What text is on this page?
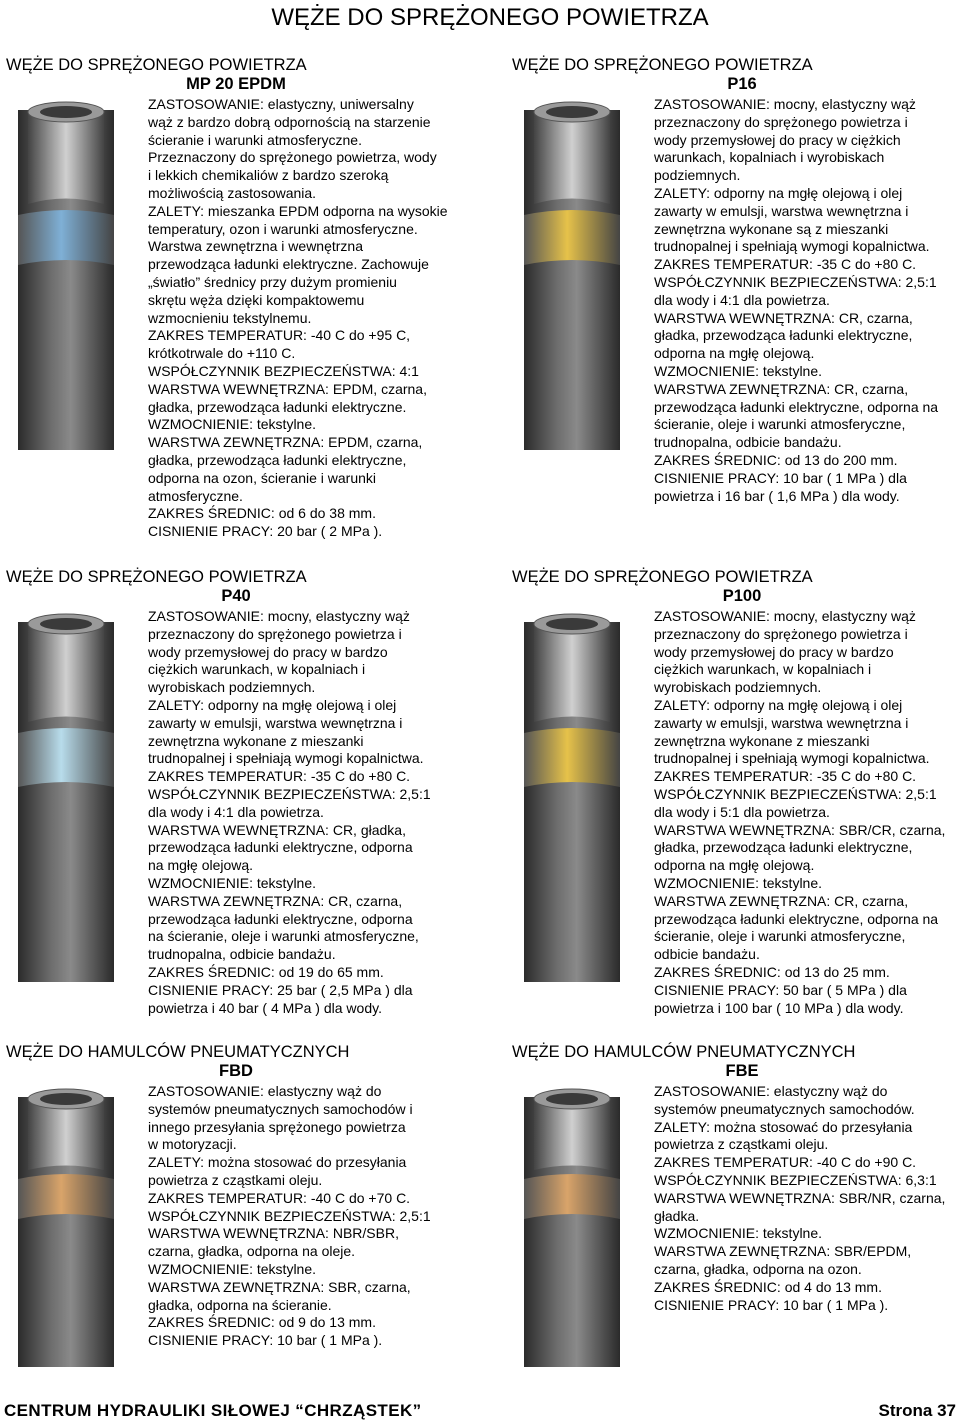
WĘŻE DO SPRĘŻONEGO POWIETRZA
WĘŻE DO SPRĘŻONEGO POWIETRZA
MP 20 EPDM

ZASTOSOWANIE: elastyczny, uniwersalny

wąż z bardzo dobrą odpornością na starzenie

ścieranie i warunki atmosferyczne.

Przeznaczony do sprężonego powietrza, wody

i lekkich chemikaliów z bardzo szeroką

możliwością zastosowania.

ZALETY: mieszanka EPDM odporna na wysokie

temperatury, ozon i warunki atmosferyczne.

Warstwa zewnętrzna i wewnętrzna

przewodząca ładunki elektryczne. Zachowuje

„światło” średnicy przy dużym promieniu

skrętu węża dzięki kompaktowemu

wzmocnieniu tekstylnemu.

ZAKRES TEMPERATUR: -40 C do +95 C,

krótkotrwale do +110 C.

WSPÓŁCZYNNIK BEZPIECZEŃSTWA: 4:1

WARSTWA WEWNĘTRZNA: EPDM, czarna,

gładka, przewodząca ładunki elektryczne.

WZMOCNIENIE: tekstylne.

WARSTWA ZEWNĘTRZNA: EPDM, czarna,

gładka, przewodząca ładunki elektryczne,

odporna na ozon, ścieranie i warunki

atmosferyczne.

ZAKRES ŚREDNIC: od 6 do 38 mm.

CISNIENIE PRACY: 20 bar ( 2 MPa ).

WĘŻE DO SPRĘŻONEGO POWIETRZA
P16

ZASTOSOWANIE: mocny, elastyczny wąż

przeznaczony do sprężonego powietrza i

wody przemysłowej do pracy w ciężkich

warunkach, kopalniach i wyrobiskach

podziemnych.

ZALETY: odporny na mgłę olejową i olej

zawarty w emulsji, warstwa wewnętrzna i

zewnętrzna wykonane są z mieszanki

trudnopalnej i spełniają wymogi kopalnictwa.

ZAKRES TEMPERATUR: -35 C do +80 C.

WSPÓŁCZYNNIK BEZPIECZEŃSTWA: 2,5:1

dla wody i 4:1 dla powietrza.

WARSTWA WEWNĘTRZNA: CR, czarna,

gładka, przewodząca ładunki elektryczne,

odporna na mgłę olejową.

WZMOCNIENIE: tekstylne.

WARSTWA ZEWNĘTRZNA: CR, czarna,

przewodząca ładunki elektryczne, odporna na

ścieranie, oleje i warunki atmosferyczne,

trudnopalna, odbicie bandażu.

ZAKRES ŚREDNIC: od 13 do 200 mm.

CISNIENIE PRACY: 10 bar ( 1 MPa ) dla

powietrza i 16 bar ( 1,6 MPa ) dla wody.

WĘŻE DO SPRĘŻONEGO POWIETRZA
P40

ZASTOSOWANIE: mocny, elastyczny wąż

przeznaczony do sprężonego powietrza i

wody przemysłowej do pracy w bardzo

ciężkich warunkach, w kopalniach i

wyrobiskach podziemnych.

ZALETY: odporny na mgłę olejową i olej

zawarty w emulsji, warstwa wewnętrzna i

zewnętrzna wykonane z mieszanki

trudnopalnej i spełniają wymogi kopalnictwa.

ZAKRES TEMPERATUR: -35 C do +80 C.

WSPÓŁCZYNNIK BEZPIECZEŃSTWA: 2,5:1

dla wody i 4:1 dla powietrza.

WARSTWA WEWNĘTRZNA: CR, gładka,

przewodząca ładunki elektryczne, odporna

na mgłę olejową.

WZMOCNIENIE: tekstylne.

WARSTWA ZEWNĘTRZNA: CR, czarna,

przewodząca ładunki elektryczne, odporna

na ścieranie, oleje i warunki atmosferyczne,

trudnopalna, odbicie bandażu.

ZAKRES ŚREDNIC: od 19 do 65 mm.

CISNIENIE PRACY: 25 bar ( 2,5 MPa ) dla

powietrza i 40 bar ( 4 MPa ) dla wody.

WĘŻE DO SPRĘŻONEGO POWIETRZA
P100

ZASTOSOWANIE: mocny, elastyczny wąż

przeznaczony do sprężonego powietrza i

wody przemysłowej do pracy w bardzo

ciężkich warunkach, w kopalniach i

wyrobiskach podziemnych.

ZALETY: odporny na mgłę olejową i olej

zawarty w emulsji, warstwa wewnętrzna i

zewnętrzna wykonane z mieszanki

trudnopalnej i spełniają wymogi kopalnictwa.

ZAKRES TEMPERATUR: -35 C do +80 C.

WSPÓŁCZYNNIK BEZPIECZEŃSTWA: 2,5:1

dla wody i 5:1 dla powietrza.

WARSTWA WEWNĘTRZNA: SBR/CR, czarna,

gładka, przewodząca ładunki elektryczne,

odporna na mgłę olejową.

WZMOCNIENIE: tekstylne.

WARSTWA ZEWNĘTRZNA: CR, czarna,

przewodząca ładunki elektryczne, odporna na

ścieranie, oleje i warunki atmosferyczne,

odbicie bandażu.

ZAKRES ŚREDNIC: od 13 do 25 mm.

CISNIENIE PRACY: 50 bar ( 5 MPa ) dla

powietrza i 100 bar ( 10 MPa ) dla wody.

WĘŻE DO HAMULCÓW PNEUMATYCZNYCH
FBD

ZASTOSOWANIE: elastyczny wąż do

systemów pneumatycznych samochodów i

innego przesyłania sprężonego powietrza

w motoryzacji.

ZALETY: można stosować do przesyłania

powietrza z cząstkami oleju.

ZAKRES TEMPERATUR: -40 C do +70 C.

WSPÓŁCZYNNIK BEZPIECZEŃSTWA: 2,5:1

WARSTWA WEWNĘTRZNA: NBR/SBR,

czarna, gładka, odporna na oleje.

WZMOCNIENIE: tekstylne.

WARSTWA ZEWNĘTRZNA: SBR, czarna,

gładka, odporna na ścieranie.

ZAKRES ŚREDNIC: od 9 do 13 mm.

CISNIENIE PRACY: 10 bar ( 1 MPa ).

WĘŻE DO HAMULCÓW PNEUMATYCZNYCH
FBE

ZASTOSOWANIE: elastyczny wąż do

systemów pneumatycznych samochodów.

ZALETY: można stosować do przesyłania

powietrza z cząstkami oleju.

ZAKRES TEMPERATUR: -40 C do +90 C.

WSPÓŁCZYNNIK BEZPIECZEŃSTWA: 6,3:1

WARSTWA WEWNĘTRZNA: SBR/NR, czarna,

gładka.

WZMOCNIENIE: tekstylne.

WARSTWA ZEWNĘTRZNA: SBR/EPDM,

czarna, gładka, odporna na ozon.

ZAKRES ŚREDNIC: od 4 do 13 mm.

CISNIENIE PRACY: 10 bar ( 1 MPa ).

CENTRUM HYDRAULIKI SIŁOWEJ “CHRZĄSTEK”	Strona 37
